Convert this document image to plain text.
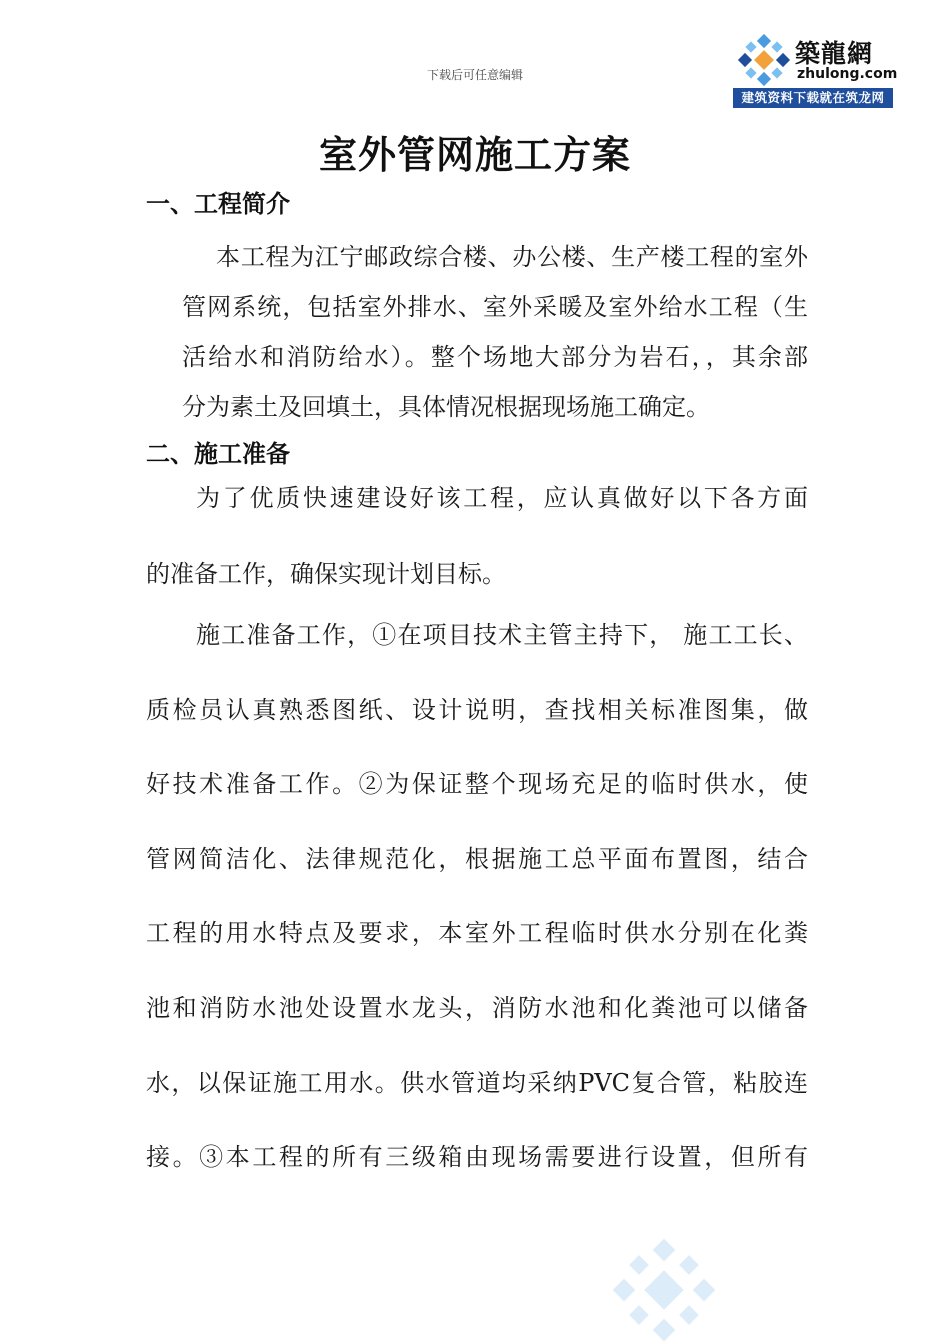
下载后可任意编辑
築龍網
zhulong.com
建筑资料下载就在筑龙网
室外管网施工方案
一、工程简介
本工程为江宁邮政综合楼、办公楼、生产楼工程的室外
管网系统，包括室外排水、室外采暖及室外给水工程（生
活给水和消防给水）。整个场地大部分为岩石，，其余部
分为素土及回填土，具体情况根据现场施工确定。
二、施工准备
为了优质快速建设好该工程，应认真做好以下各方面
的准备工作，确保实现计划目标。
施工准备工作，①在项目技术主管主持下， 施工工长、
质检员认真熟悉图纸、设计说明，查找相关标准图集，做
好技术准备工作。②为保证整个现场充足的临时供水，使
管网简洁化、法律规范化，根据施工总平面布置图，结合
工程的用水特点及要求，本室外工程临时供水分别在化粪
池和消防水池处设置水龙头，消防水池和化粪池可以储备
水，以保证施工用水。供水管道均采纳PVC复合管，粘胶连
接。③本工程的所有三级箱由现场需要进行设置，但所有
